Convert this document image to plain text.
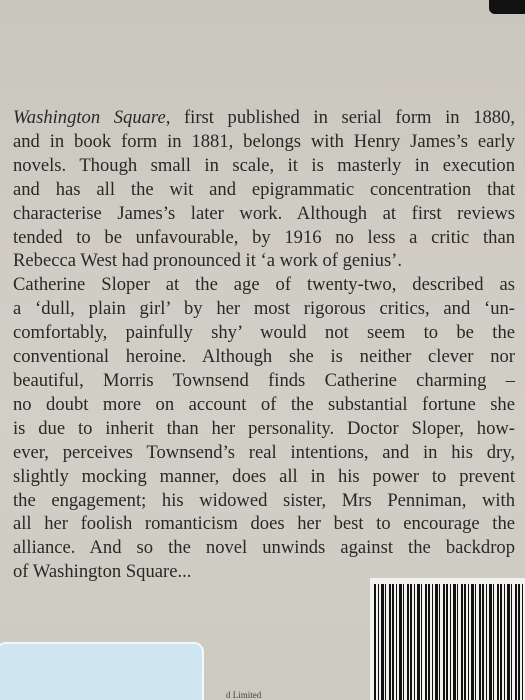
Washington Square, first published in serial form in 1880,
and in book form in 1881, belongs with Henry James’s early
novels. Though small in scale, it is masterly in execution
and has all the wit and epigrammatic concentration that
characterise James’s later work. Although at first reviews
tended to be unfavourable, by 1916 no less a critic than
Rebecca West had pronounced it ‘a work of genius’.
Catherine Sloper at the age of twenty-two, described as
a ‘dull, plain girl’ by her most rigorous critics, and ‘un-
comfortably, painfully shy’ would not seem to be the
conventional heroine. Although she is neither clever nor
beautiful, Morris Townsend finds Catherine charming –
no doubt more on account of the substantial fortune she
is due to inherit than her personality. Doctor Sloper, how-
ever, perceives Townsend’s real intentions, and in his dry,
slightly mocking manner, does all in his power to prevent
the engagement; his widowed sister, Mrs Penniman, with
all her foolish romanticism does her best to encourage the
alliance. And so the novel unwinds against the backdrop
of Washington Square...
d Limited
